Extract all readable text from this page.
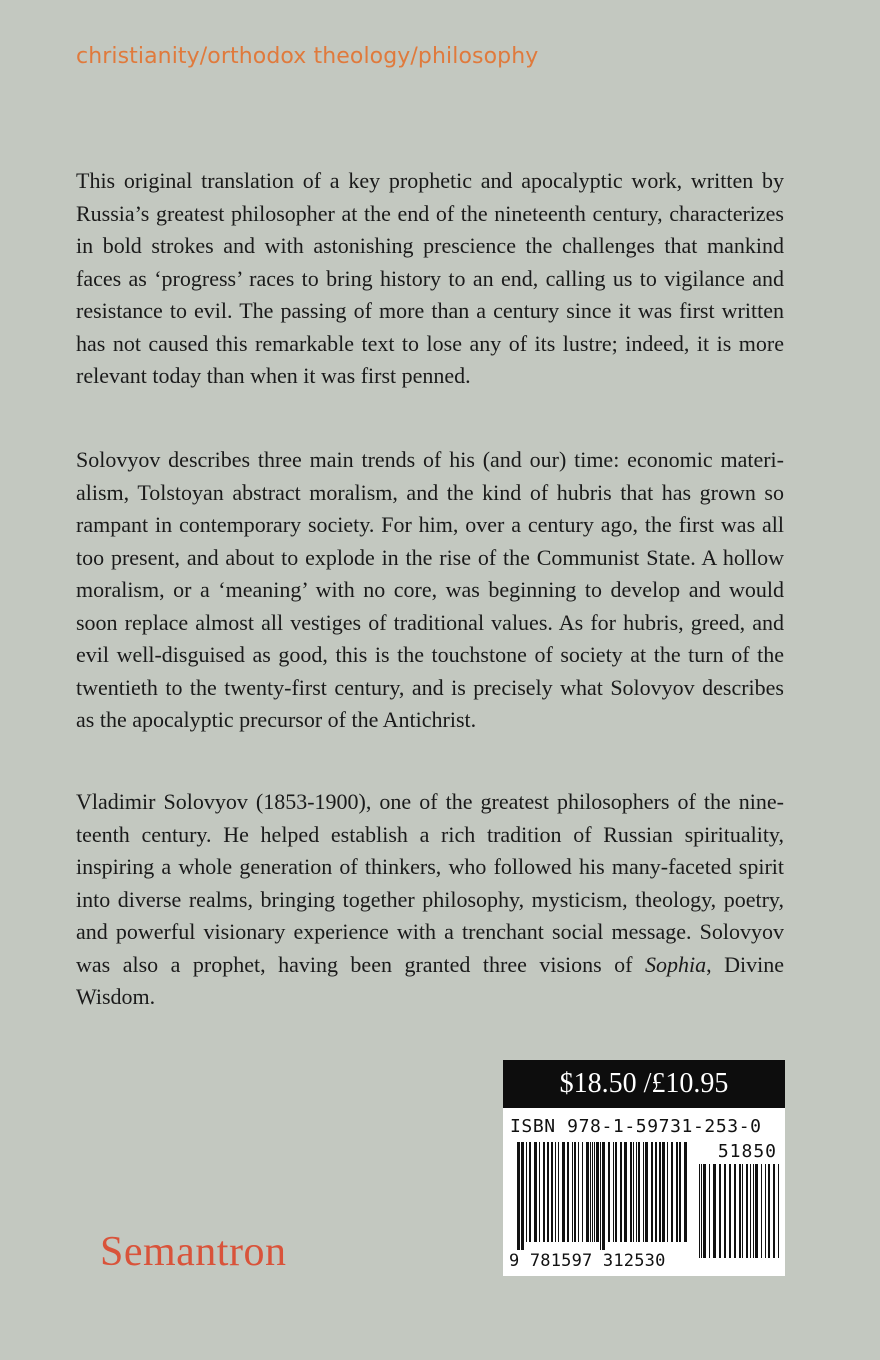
christianity/orthodox theology/philosophy

This original translation of a key prophetic and apocalyptic work, written by Russia’s greatest philosopher at the end of the nineteenth century, characterizes in bold strokes and with astonishing prescience the challenges that mankind faces as ‘progress’ races to bring history to an end, calling us to vigilance and resistance to evil. The passing of more than a century since it was first written has not caused this remarkable text to lose any of its lustre; indeed, it is more relevant today than when it was first penned.

Solovyov describes three main trends of his (and our) time: economic materialism, Tolstoyan abstract moralism, and the kind of hubris that has grown so rampant in contemporary society. For him, over a century ago, the first was all too present, and about to explode in the rise of the Communist State. A hollow moralism, or a ‘meaning’ with no core, was beginning to develop and would soon replace almost all vestiges of traditional values. As for hubris, greed, and evil well-disguised as good, this is the touchstone of society at the turn of the twentieth to the twenty-first century, and is precisely what Solovyov describes as the apocalyptic precursor of the Antichrist.

Vladimir Solovyov (1853-1900), one of the greatest philosophers of the nineteenth century. He helped establish a rich tradition of Russian spirituality, inspiring a whole generation of thinkers, who followed his many-faceted spirit into diverse realms, bringing together philosophy, mysticism, theology, poetry, and powerful visionary experience with a trenchant social message. Solovyov was also a prophet, having been granted three visions of Sophia, Divine Wisdom.

$18.50 /£10.95
ISBN 978-1-59731-253-0
51850
9 781597 312530
Semantron
